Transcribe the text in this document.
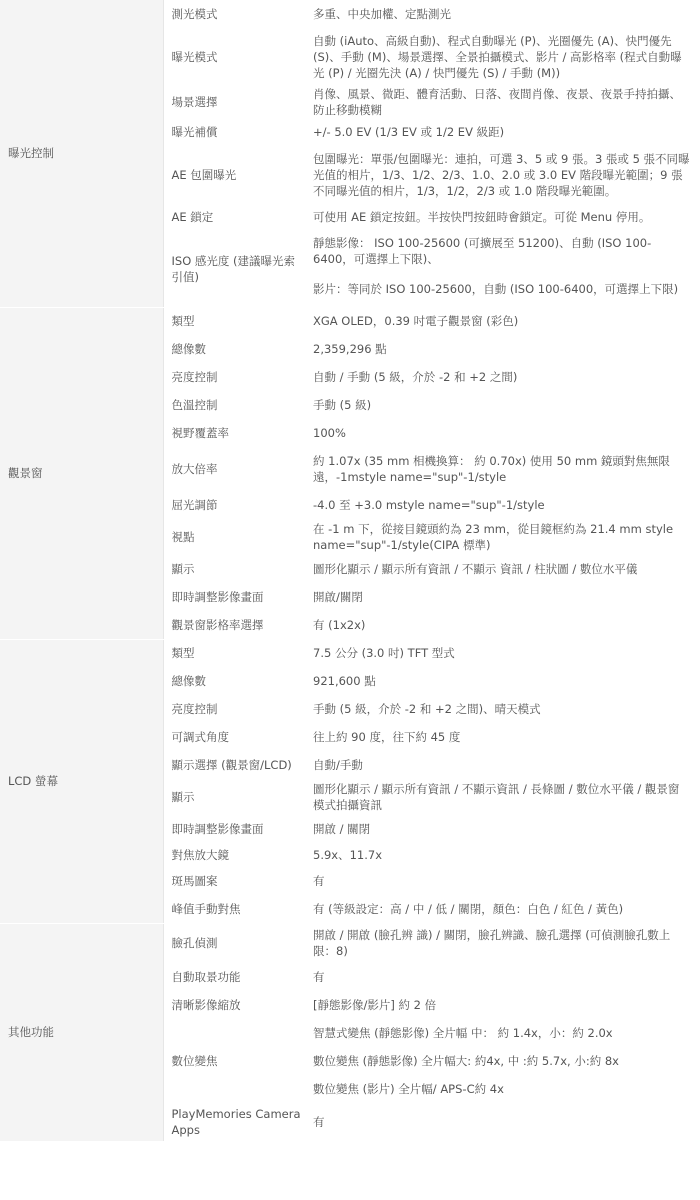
曝光控制	測光模式	多重、中央加權、定點測光

	曝光模式	自動 (iAuto、高級自動)、程式自動曝光 (P)、光圈優先 (A)、快門優先 (S)、手動 (M)、場景選擇、全景拍攝模式、影片 / 高影格率 (程式自動曝光 (P) / 光圈先決 (A) / 快門優先 (S) / 手動 (M))

	場景選擇	肖像、風景、微距、體育活動、日落、夜間肖像、夜景、夜景手持拍攝、防止移動模糊

	曝光補償	+/- 5.0 EV (1/3 EV 或 1/2 EV 級距)

	AE 包圍曝光	包圍曝光：單張/包圍曝光：連拍，可選 3、5 或 9 張。3 張或 5 張不同曝光值的相片，1/3、1/2、2/3、1.0、2.0 或 3.0 EV 階段曝光範圍；9 張不同曝光值的相片，1/3，1/2，2/3 或 1.0 階段曝光範圍。

	AE 鎖定	可使用 AE 鎖定按鈕。半按快門按鈕時會鎖定。可從 Menu 停用。

	ISO 感光度 (建議曝光索引值)	靜態影像： ISO 100-25600 (可擴展至 51200)、自動 (ISO 100-6400，可選擇上下限)、
		影片：等同於 ISO 100-25600，自動 (ISO 100-6400，可選擇上下限)
觀景窗	類型	XGA OLED，0.39 吋電子觀景窗 (彩色)

	總像數	2,359,296 點

	亮度控制	自動 / 手動 (5 級，介於 -2 和 +2 之間)

	色溫控制	手動 (5 級)

	視野覆蓋率	100%

	放大倍率	約 1.07x (35 mm 相機換算： 約 0.70x) 使用 50 mm 鏡頭對焦無限遠，-1mstyle name="sup"-1/style

	屈光調節	-4.0 至 +3.0 mstyle name="sup"-1/style

	視點	在 -1 m 下，從接目鏡頭約為 23 mm，從目鏡框約為 21.4 mm style name="sup"-1/style(CIPA 標準)

	顯示	圖形化顯示 / 顯示所有資訊 / 不顯示 資訊 / 柱狀圖 / 數位水平儀

	即時調整影像畫面	開啟/關閉

	觀景窗影格率選擇	有 (1x2x)
LCD 螢幕	類型	7.5 公分 (3.0 吋) TFT 型式

	總像數	921,600 點

	亮度控制	手動 (5 級，介於 -2 和 +2 之間)、晴天模式

	可調式角度	往上約 90 度，往下約 45 度

	顯示選擇 (觀景窗/LCD)	自動/手動

	顯示	圖形化顯示 / 顯示所有資訊 / 不顯示資訊 / 長條圖 / 數位水平儀 / 觀景窗模式拍攝資訊

	即時調整影像畫面	開啟 / 關閉

	對焦放大鏡	5.9x、11.7x

	斑馬圖案	有

	峰值手動對焦	有 (等級設定：高 / 中 / 低 / 關閉，顏色：白色 / 紅色 / 黃色)
其他功能	臉孔偵測	開啟 / 開啟 (臉孔辨 識) / 關閉，臉孔辨識、臉孔選擇 (可偵測臉孔數上限：8)

	自動取景功能	有

	清晰影像縮放	[靜態影像/影片] 約 2 倍

	數位變焦	智慧式變焦 (靜態影像) 全片幅 中： 約 1.4x，小：約 2.0x
		數位變焦 (靜態影像) 全片幅大: 約4x, 中 :約 5.7x, 小:約 8x
		數位變焦 (影片) 全片幅/ APS-C約 4x

	PlayMemories Camera Apps	有
